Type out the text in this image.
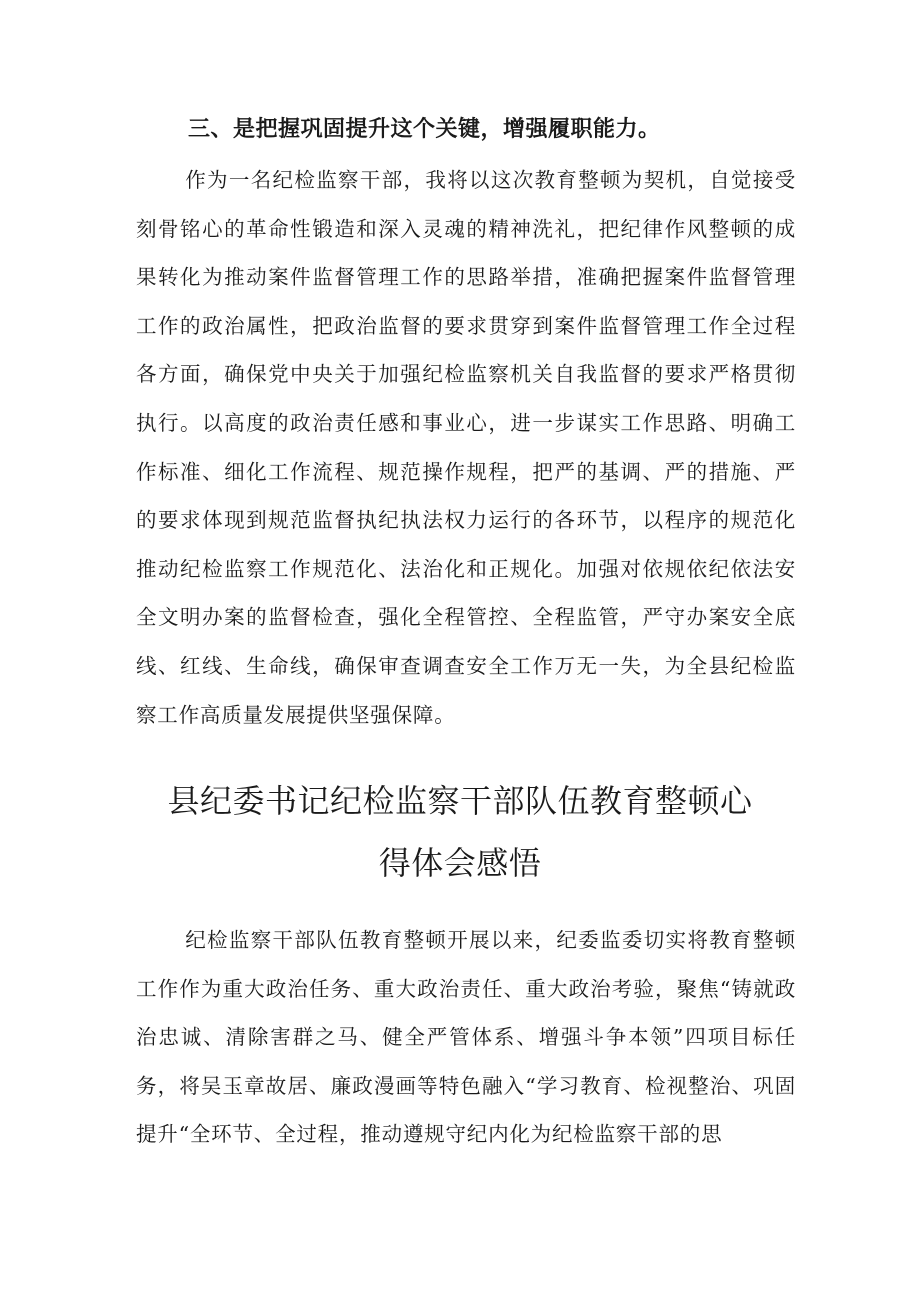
三、是把握巩固提升这个关键，增强履职能力。

作为一名纪检监察干部，我将以这次教育整顿为契机，自觉接受刻骨铭心的革命性锻造和深入灵魂的精神洗礼，把纪律作风整顿的成果转化为推动案件监督管理工作的思路举措，准确把握案件监督管理工作的政治属性，把政治监督的要求贯穿到案件监督管理工作全过程各方面，确保党中央关于加强纪检监察机关自我监督的要求严格贯彻执行。以高度的政治责任感和事业心，进一步谋实工作思路、明确工作标准、细化工作流程、规范操作规程，把严的基调、严的措施、严的要求体现到规范监督执纪执法权力运行的各环节，以程序的规范化推动纪检监察工作规范化、法治化和正规化。加强对依规依纪依法安全文明办案的监督检查，强化全程管控、全程监管，严守办案安全底线、红线、生命线，确保审查调查安全工作万无一失，为全县纪检监察工作高质量发展提供坚强保障。

县纪委书记纪检监察干部队伍教育整顿心
得体会感悟

纪检监察干部队伍教育整顿开展以来，纪委监委切实将教育整顿工作作为重大政治任务、重大政治责任、重大政治考验，聚焦“铸就政治忠诚、清除害群之马、健全严管体系、增强斗争本领”四项目标任务，将吴玉章故居、廉政漫画等特色融入“学习教育、检视整治、巩固提升“全环节、全过程，推动遵规守纪内化为纪检监察干部的思
